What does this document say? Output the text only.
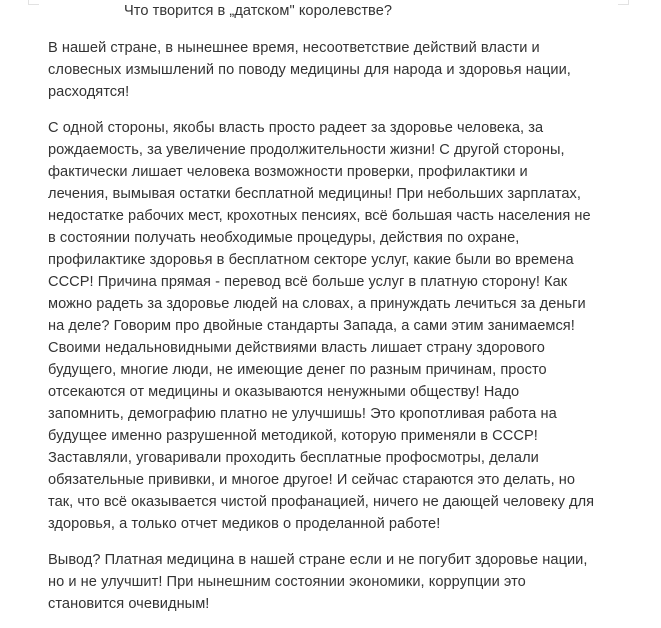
Что творится в „датском" королевстве?

В нашей стране, в нынешнее время, несоответствие действий власти и
словесных измышлений по поводу медицины для народа и здоровья нации,
расходятся!

С одной стороны, якобы власть просто радеет за здоровье человека, за
рождаемость, за увеличение продолжительности жизни! С другой стороны,
фактически лишает человека возможности проверки, профилактики и
лечения, вымывая остатки бесплатной медицины! При небольших зарплатах,
недостатке рабочих мест, крохотных пенсиях, всё большая часть населения не
в состоянии получать необходимые процедуры, действия по охране,
профилактике здоровья в бесплатном секторе услуг, какие были во времена
СССР! Причина прямая - перевод всё больше услуг в платную сторону! Как
можно радеть за здоровье людей на словах, а принуждать лечиться за деньги
на деле? Говорим про двойные стандарты Запада, а сами этим занимаемся!
Своими недальновидными действиями власть лишает страну здорового
будущего, многие люди, не имеющие денег по разным причинам, просто
отсекаются от медицины и оказываются ненужными обществу! Надо
запомнить, демографию платно не улучшишь! Это кропотливая работа на
будущее именно разрушенной методикой, которую применяли в СССР!
Заставляли, уговаривали проходить бесплатные профосмотры, делали
обязательные прививки, и многое другое! И сейчас стараются это делать, но
так, что всё оказывается чистой профанацией, ничего не дающей человеку для
здоровья, а только отчет медиков о проделанной работе!

Вывод? Платная медицина в нашей стране если и не погубит здоровье нации,
но и не улучшит! При нынешним состоянии экономики, коррупции это
становится очевидным!
